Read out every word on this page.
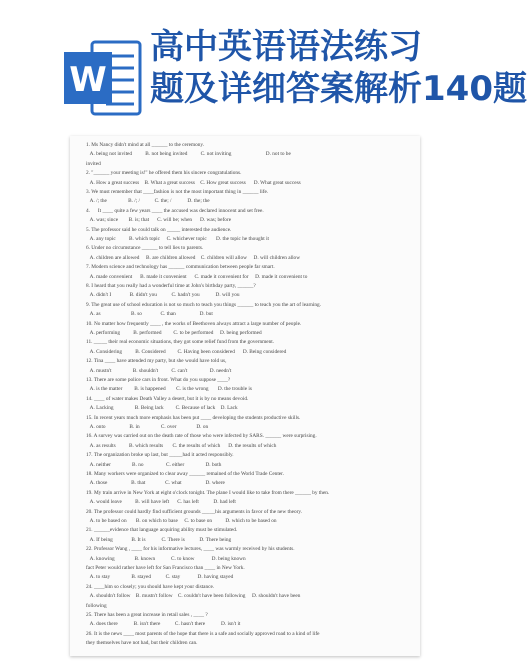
W
高中英语语法练习
题及详细答案解析140题
1. Ms Nancy didn't mind at all ______ to the ceremony.
A. being not invited          B. not being invited          C. not inviting                          D. not to be
invited
2. "______ your meeting is!" he offered them his sincere congratulations.
A. How a great success    B. What a great success    C. How great success      D. What great success
3. We must remember that ____fashion is not the most important thing in ______ life.
A. /; the                B. /; /           C. the; /            D. the; the
4.      It ____ quite a few years ____ the accused was declared innocent and set free.
A. was; since        B. is; that      C. will be; when      D. was; before
5. The professor said he could talk on _____ interested the audience.
A. any topic          B. which topic     C. whichever topic       D. the topic he thought it
6. Under no circumstance ______ to tell lies to parents.
A. children are allowed     B. are children allowed    C. children will allow     D. will children allow
7. Modern science and technology has ______ communication between people far smart.
A. made convenient      B. made it convenient      C. made it convenient for     D. made it convenient to
8. I heard that you really had a wonderful time at John's birthday party, ______?
A. didn't I              B. didn't you           C. hadn't you            D. will you
9. The great use of school education is not so much to teach you things ______ to teach you the art of learning.
A. as                       B. so              C. than                  D. but
10. No matter how frequently ____ , the works of Beethoven always attract a large number of people.
A. performing          B. performed         C. to be performed     D. being performed
11. _____ their real economic situations, they got some relief fund from the government.
A. Considering          B. Considered         C. Having been considered      D. Being considered
12. Tina ____ have attended my party, but she would have told us,
A. mustn't                B. shouldn't          C. can't                 D. needn't
13. There are some police cars in front. What do you suppose ____?
A. is the matter         B. is happened        C. is the wrong       D. the trouble is
14. ____ of water makes Death Valley a desert, but it is by no means devoid.
A. Lacking                B. Being lack         C. Because of lack    D. Lack
15. In recent years much more emphasis has been put ____ developing the students productive skills.
A. onto                  B. in                C. over               D. on
16. A survey was carried out on the death rate of those who were infected by SARS. ______ were surprising.
A. as results          B. which results       C. the results of which      D. the results of which
17. The organization broke up last, but _____had it acted responsibly.
A. neither                B. no                 C. either                D. both
18. Many workers were organized to clear away ______ remained of the World Trade Center.
A. those                  B. that               C. what                  D. where
19. My train arrive in New York at eight o'clock tonight. The plane I would like to take from there ______ by then.
A. would leave          B. will have left      C. has left           D. had left
20. The professor could hardly find sufficient grounds _____his arguments in favor of the new theory.
A. to be based on       B. on which to base     C. to base on          D. which to be based on
21. ______evidence that language acquiring ability must be stimulated.
A. If being              B. It is            C. There is           D. There being
22. Professor Wang , ____ for his informative lectures, ____ was warmly received by his students.
A. knowing               B. known            C. to know             D. being known
fact Peter would rather have left for San Francisco than ____ in New York.
A. to stay                B. stayed           C. stay             D. having stayed
24. ____him so closely; you should have kept your distance.
A. shouldn't follow    B. mustn't follow    C. couldn't have been following     D. shouldn't have been
following
25. There has been a great increase in retail sales , ____ ?
A. does there            B. isn't there           C. hasn't there            D. isn't it
26. It is the news ____ most parents of the hope that there is a safe and socially approved road to a kind of life
they themselves have not had, but their children can.
